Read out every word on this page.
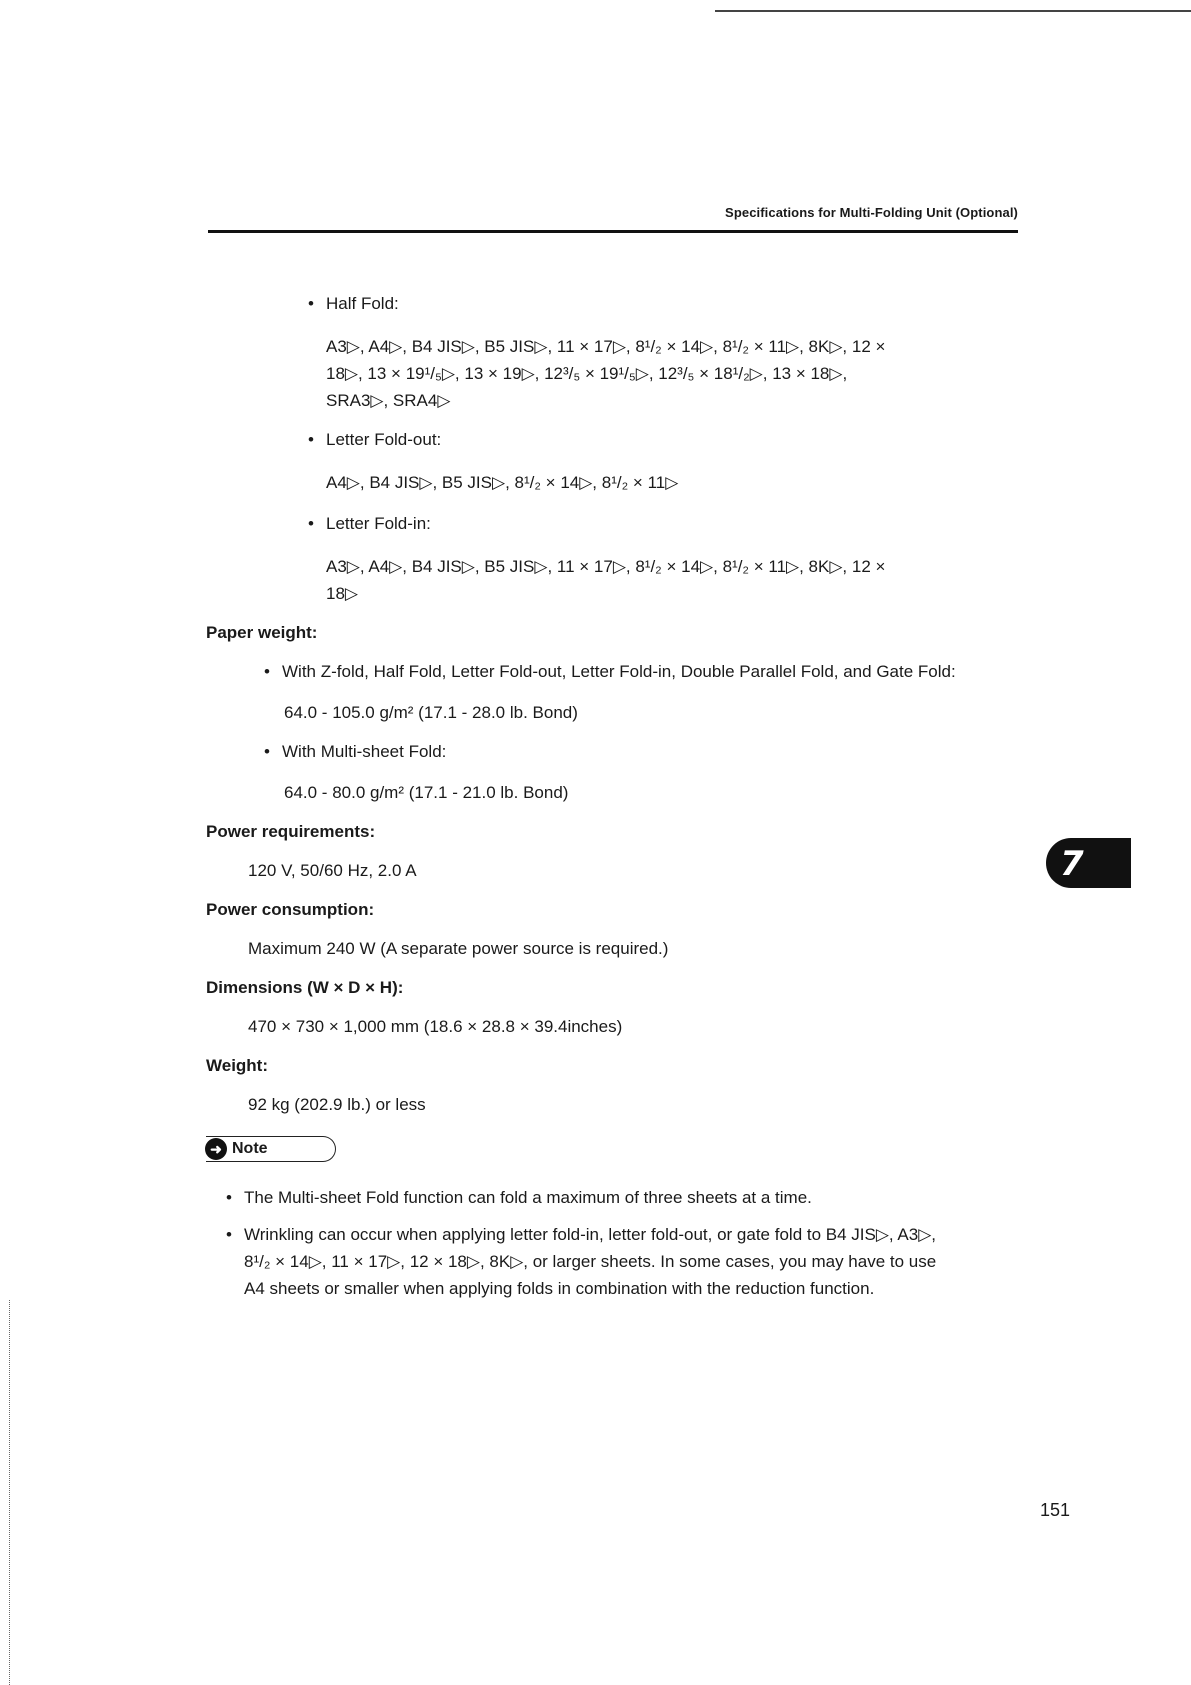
Specifications for Multi-Folding Unit (Optional)
• Half Fold:
A3▷, A4▷, B4 JIS▷, B5 JIS▷, 11 × 17▷, 8¹/₂ × 14▷, 8¹/₂ × 11▷, 8K▷, 12 ×
18▷, 13 × 19¹/₅▷, 13 × 19▷, 12³/₅ × 19¹/₅▷, 12³/₅ × 18¹/₂▷, 13 × 18▷,
SRA3▷, SRA4▷
• Letter Fold-out:
A4▷, B4 JIS▷, B5 JIS▷, 8¹/₂ × 14▷, 8¹/₂ × 11▷
• Letter Fold-in:
A3▷, A4▷, B4 JIS▷, B5 JIS▷, 11 × 17▷, 8¹/₂ × 14▷, 8¹/₂ × 11▷, 8K▷, 12 ×
18▷
Paper weight:
• With Z-fold, Half Fold, Letter Fold-out, Letter Fold-in, Double Parallel Fold, and Gate Fold:
64.0 - 105.0 g/m² (17.1 - 28.0 lb. Bond)
• With Multi-sheet Fold:
64.0 - 80.0 g/m² (17.1 - 21.0 lb. Bond)
Power requirements:
120 V, 50/60 Hz, 2.0 A
Power consumption:
Maximum 240 W (A separate power source is required.)
Dimensions (W × D × H):
470 × 730 × 1,000 mm (18.6 × 28.8 × 39.4inches)
Weight:
92 kg (202.9 lb.) or less
➜ Note
• The Multi-sheet Fold function can fold a maximum of three sheets at a time.
• Wrinkling can occur when applying letter fold-in, letter fold-out, or gate fold to B4 JIS▷, A3▷,
8¹/₂ × 14▷, 11 × 17▷, 12 × 18▷, 8K▷, or larger sheets. In some cases, you may have to use
A4 sheets or smaller when applying folds in combination with the reduction function.
7
151
